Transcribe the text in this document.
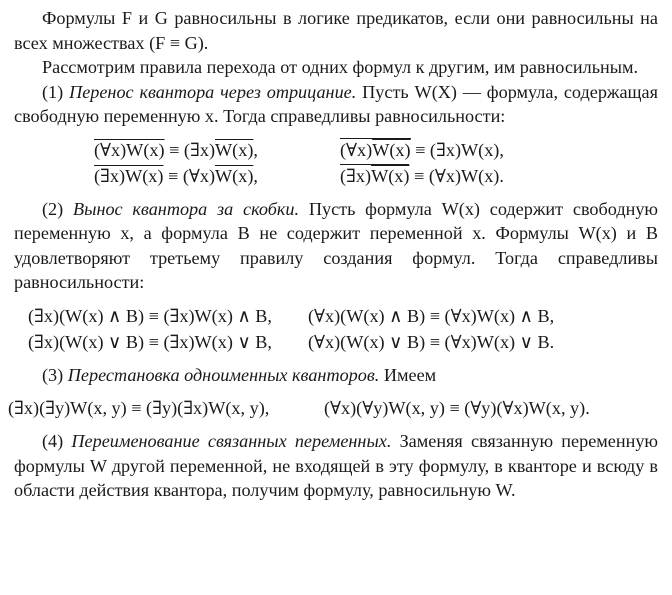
Формулы F и G равносильны в логике предикатов, если они равносильны на всех множествах (F ≡ G).

Рассмотрим правила перехода от одних формул к другим, им равносильным.

(1) Перенос квантора через отрицание. Пусть W(X) — формула, содержащая свободную переменную x. Тогда справедливы равносильности:

(∀x)W(x) ≡ (∃x)W(x),	(∀x)W(x) ≡ (∃x)W(x),
(∃x)W(x) ≡ (∀x)W(x),	(∃x)W(x) ≡ (∀x)W(x).

(2) Вынос квантора за скобки. Пусть формула W(x) содержит свободную переменную x, а формула B не содержит переменной x. Формулы W(x) и B удовлетворяют третьему правилу создания формул. Тогда справедливы равносильности:

(∃x)(W(x) ∧ B) ≡ (∃x)W(x) ∧ B,	(∀x)(W(x) ∧ B) ≡ (∀x)W(x) ∧ B,
(∃x)(W(x) ∨ B) ≡ (∃x)W(x) ∨ B,	(∀x)(W(x) ∨ B) ≡ (∀x)W(x) ∨ B.

(3) Перестановка одноименных кванторов. Имеем

(∃x)(∃y)W(x, y) ≡ (∃y)(∃x)W(x, y),	(∀x)(∀y)W(x, y) ≡ (∀y)(∀x)W(x, y).

(4) Переименование связанных переменных. Заменяя связанную переменную формулы W другой переменной, не входящей в эту формулу, в кванторе и всюду в области действия квантора, получим формулу, равносильную W.
